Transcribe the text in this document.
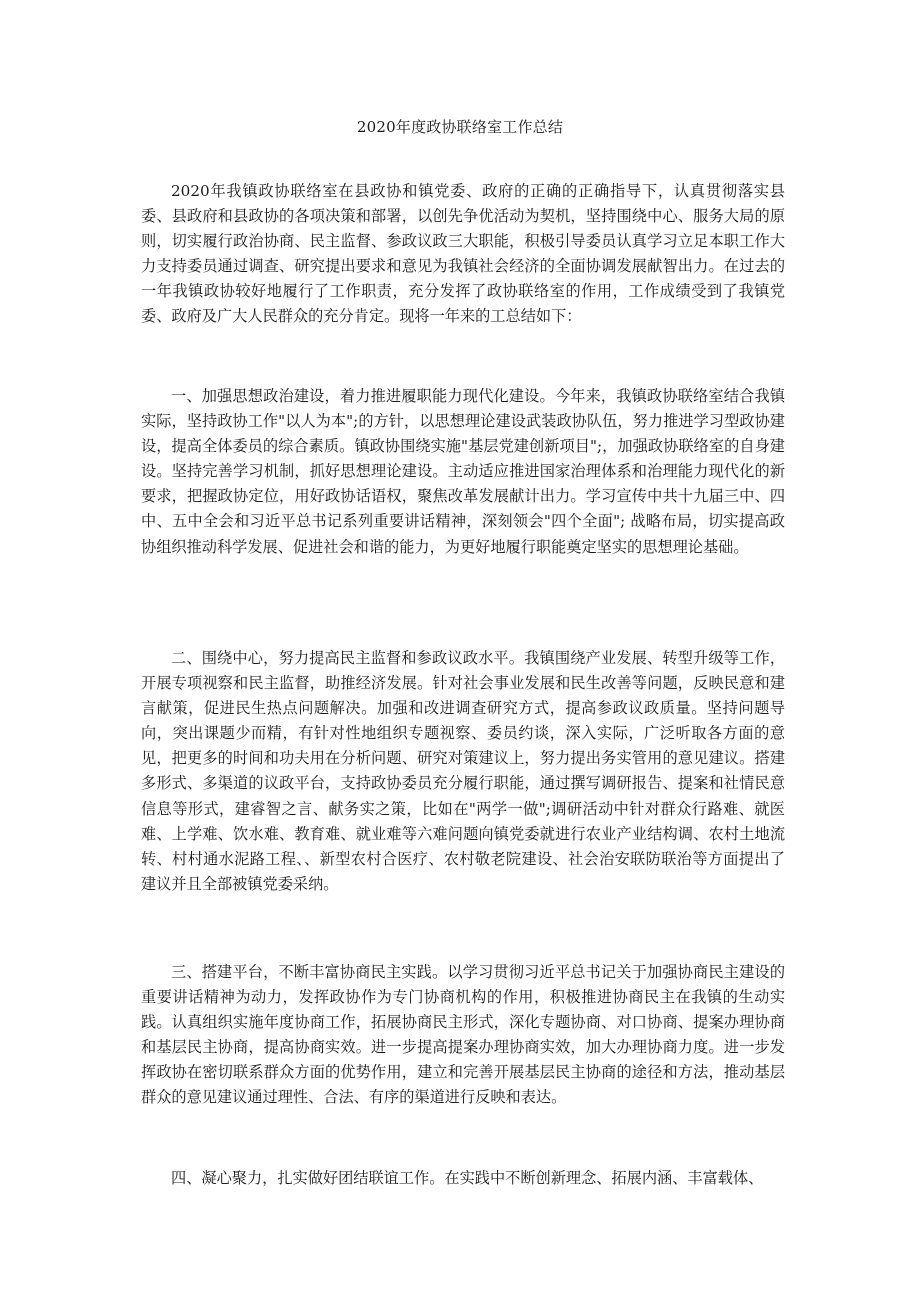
2020年度政协联络室工作总结

2020年我镇政协联络室在县政协和镇党委、政府的正确的正确指导下，认真贯彻落实县委、县政府和县政协的各项决策和部署，以创先争优活动为契机，坚持围绕中心、服务大局的原则，切实履行政治协商、民主监督、参政议政三大职能，积极引导委员认真学习立足本职工作大力支持委员通过调查、研究提出要求和意见为我镇社会经济的全面协调发展献智出力。在过去的一年我镇政协较好地履行了工作职责，充分发挥了政协联络室的作用，工作成绩受到了我镇党委、政府及广大人民群众的充分肯定。现将一年来的工总结如下：

一、加强思想政治建设，着力推进履职能力现代化建设。今年来，我镇政协联络室结合我镇实际，坚持政协工作"以人为本";的方针，以思想理论建设武装政协队伍，努力推进学习型政协建设，提高全体委员的综合素质。镇政协围绕实施"基层党建创新项目";，加强政协联络室的自身建设。坚持完善学习机制，抓好思想理论建设。主动适应推进国家治理体系和治理能力现代化的新要求，把握政协定位，用好政协话语权，聚焦改革发展献计出力。学习宣传中共十九届三中、四中、五中全会和习近平总书记系列重要讲话精神，深刻领会"四个全面"; 战略布局，切实提高政协组织推动科学发展、促进社会和谐的能力，为更好地履行职能奠定坚实的思想理论基础。

二、围绕中心，努力提高民主监督和参政议政水平。我镇围绕产业发展、转型升级等工作，开展专项视察和民主监督，助推经济发展。针对社会事业发展和民生改善等问题，反映民意和建言献策，促进民生热点问题解决。加强和改进调查研究方式，提高参政议政质量。坚持问题导向，突出课题少而精，有针对性地组织专题视察、委员约谈，深入实际，广泛听取各方面的意见，把更多的时间和功夫用在分析问题、研究对策建议上，努力提出务实管用的意见建议。搭建多形式、多渠道的议政平台，支持政协委员充分履行职能，通过撰写调研报告、提案和社情民意信息等形式，建睿智之言、献务实之策，比如在"两学一做";调研活动中针对群众行路难、就医难、上学难、饮水难、教育难、就业难等六难问题向镇党委就进行农业产业结构调、农村土地流转、村村通水泥路工程、、新型农村合医疗、农村敬老院建设、社会治安联防联治等方面提出了建议并且全部被镇党委采纳。

三、搭建平台，不断丰富协商民主实践。以学习贯彻习近平总书记关于加强协商民主建设的重要讲话精神为动力，发挥政协作为专门协商机构的作用，积极推进协商民主在我镇的生动实践。认真组织实施年度协商工作，拓展协商民主形式，深化专题协商、对口协商、提案办理协商和基层民主协商，提高协商实效。进一步提高提案办理协商实效，加大办理协商力度。进一步发挥政协在密切联系群众方面的优势作用，建立和完善开展基层民主协商的途径和方法，推动基层群众的意见建议通过理性、合法、有序的渠道进行反映和表达。

四、凝心聚力，扎实做好团结联谊工作。在实践中不断创新理念、拓展内涵、丰富载体、
